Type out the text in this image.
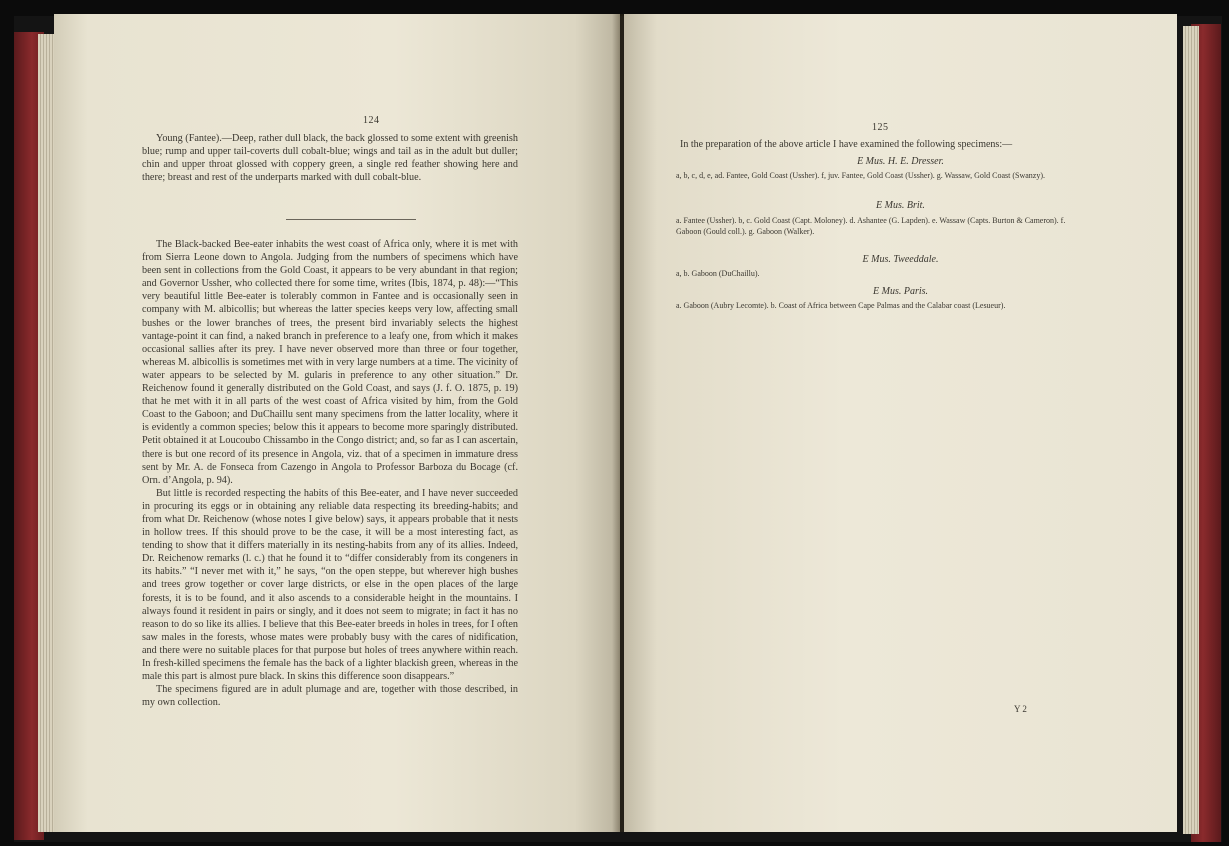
124

Young (Fantee).—Deep, rather dull black, the back glossed to some extent with greenish blue; rump and upper tail-coverts dull cobalt-blue; wings and tail as in the adult but duller; chin and upper throat glossed with coppery green, a single red feather showing here and there; breast and rest of the underparts marked with dull cobalt-blue.

The Black-backed Bee-eater inhabits the west coast of Africa only, where it is met with from Sierra Leone down to Angola. Judging from the numbers of specimens which have been sent in collections from the Gold Coast, it appears to be very abundant in that region; and Governor Ussher, who collected there for some time, writes (Ibis, 1874, p. 48):—“This very beautiful little Bee-eater is tolerably common in Fantee and is occasionally seen in company with M. albicollis; but whereas the latter species keeps very low, affecting small bushes or the lower branches of trees, the present bird invariably selects the highest vantage-point it can find, a naked branch in preference to a leafy one, from which it makes occasional sallies after its prey. I have never observed more than three or four together, whereas M. albicollis is sometimes met with in very large numbers at a time. The vicinity of water appears to be selected by M. gularis in preference to any other situation.” Dr. Reichenow found it generally distributed on the Gold Coast, and says (J. f. O. 1875, p. 19) that he met with it in all parts of the west coast of Africa visited by him, from the Gold Coast to the Gaboon; and DuChaillu sent many specimens from the latter locality, where it is evidently a common species; below this it appears to become more sparingly distributed. Petit obtained it at Loucoubo Chissambo in the Congo district; and, so far as I can ascertain, there is but one record of its presence in Angola, viz. that of a specimen in immature dress sent by Mr. A. de Fonseca from Cazengo in Angola to Professor Barboza du Bocage (cf. Orn. d’Angola, p. 94).

But little is recorded respecting the habits of this Bee-eater, and I have never succeeded in procuring its eggs or in obtaining any reliable data respecting its breeding-habits; and from what Dr. Reichenow (whose notes I give below) says, it appears probable that it nests in hollow trees. If this should prove to be the case, it will be a most interesting fact, as tending to show that it differs materially in its nesting-habits from any of its allies. Indeed, Dr. Reichenow remarks (l. c.) that he found it to “differ considerably from its congeners in its habits.” “I never met with it,” he says, “on the open steppe, but wherever high bushes and trees grow together or cover large districts, or else in the open places of the large forests, it is to be found, and it also ascends to a considerable height in the mountains. I always found it resident in pairs or singly, and it does not seem to migrate; in fact it has no reason to do so like its allies. I believe that this Bee-eater breeds in holes in trees, for I often saw males in the forests, whose mates were probably busy with the cares of nidification, and there were no suitable places for that purpose but holes of trees anywhere within reach. In fresh-killed specimens the female has the back of a lighter blackish green, whereas in the male this part is almost pure black. In skins this difference soon disappears.”

The specimens figured are in adult plumage and are, together with those described, in my own collection.

125
In the preparation of the above article I have examined the following specimens:—
E Mus. H. E. Dresser.
a, b, c, d, e, ad. Fantee, Gold Coast (Ussher). f, juv. Fantee, Gold Coast (Ussher). g. Wassaw, Gold Coast (Swanzy).
E Mus. Brit.
a. Fantee (Ussher). b, c. Gold Coast (Capt. Moloney). d. Ashantee (G. Lapden). e. Wassaw (Capts. Burton & Cameron). f. Gaboon (Gould coll.). g. Gaboon (Walker).
E Mus. Tweeddale.
a, b. Gaboon (DuChaillu).
E Mus. Paris.
a. Gaboon (Aubry Lecomte). b. Coast of Africa between Cape Palmas and the Calabar coast (Lesueur).
Y 2
